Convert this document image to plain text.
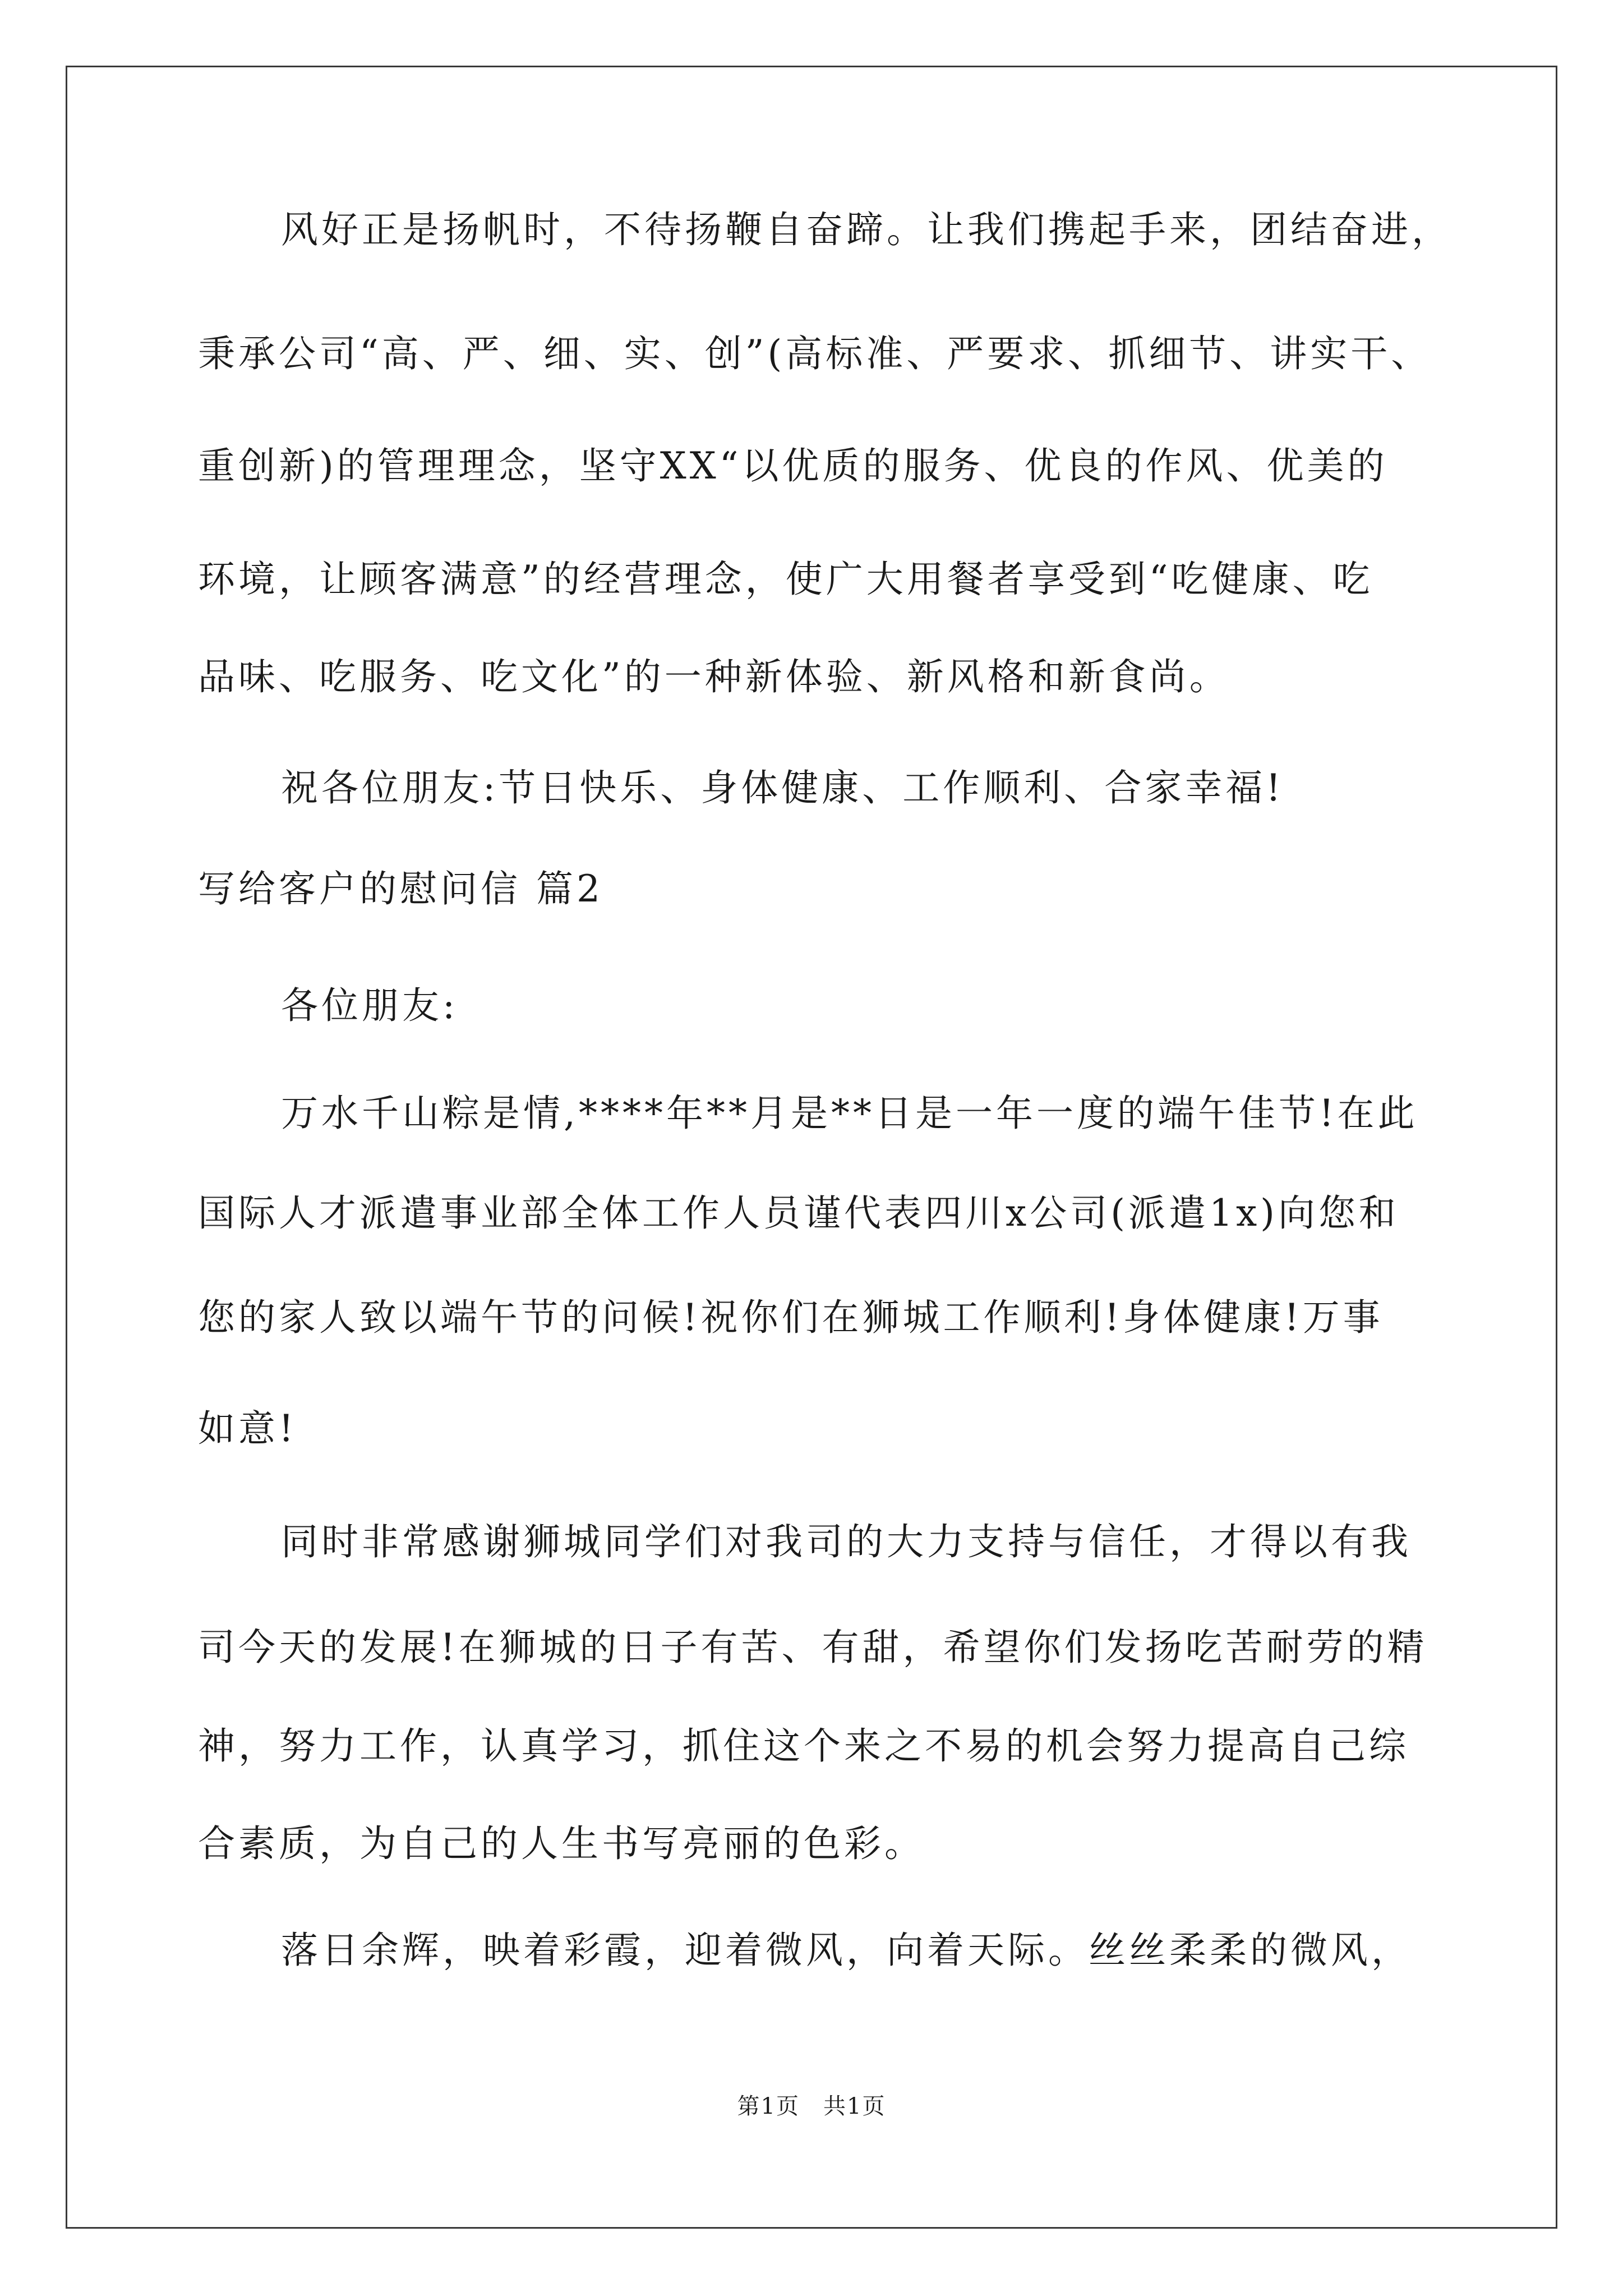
风好正是扬帆时，不待扬鞭自奋蹄。让我们携起手来，团结奋进，
秉承公司“高、严、细、实、创”(高标准、严要求、抓细节、讲实干、
重创新)的管理理念，坚守XX“以优质的服务、优良的作风、优美的
环境，让顾客满意”的经营理念，使广大用餐者享受到“吃健康、吃
品味、吃服务、吃文化”的一种新体验、新风格和新食尚。
祝各位朋友:节日快乐、身体健康、工作顺利、合家幸福!
写给客户的慰问信 篇2
各位朋友:
万水千山粽是情,****年**月是**日是一年一度的端午佳节!在此
国际人才派遣事业部全体工作人员谨代表四川x公司(派遣1x)向您和
您的家人致以端午节的问候!祝你们在狮城工作顺利!身体健康!万事
如意!
同时非常感谢狮城同学们对我司的大力支持与信任，才得以有我
司今天的发展!在狮城的日子有苦、有甜，希望你们发扬吃苦耐劳的精
神，努力工作，认真学习，抓住这个来之不易的机会努力提高自己综
合素质，为自己的人生书写亮丽的色彩。
落日余辉，映着彩霞，迎着微风，向着天际。丝丝柔柔的微风，
第1页　共1页
